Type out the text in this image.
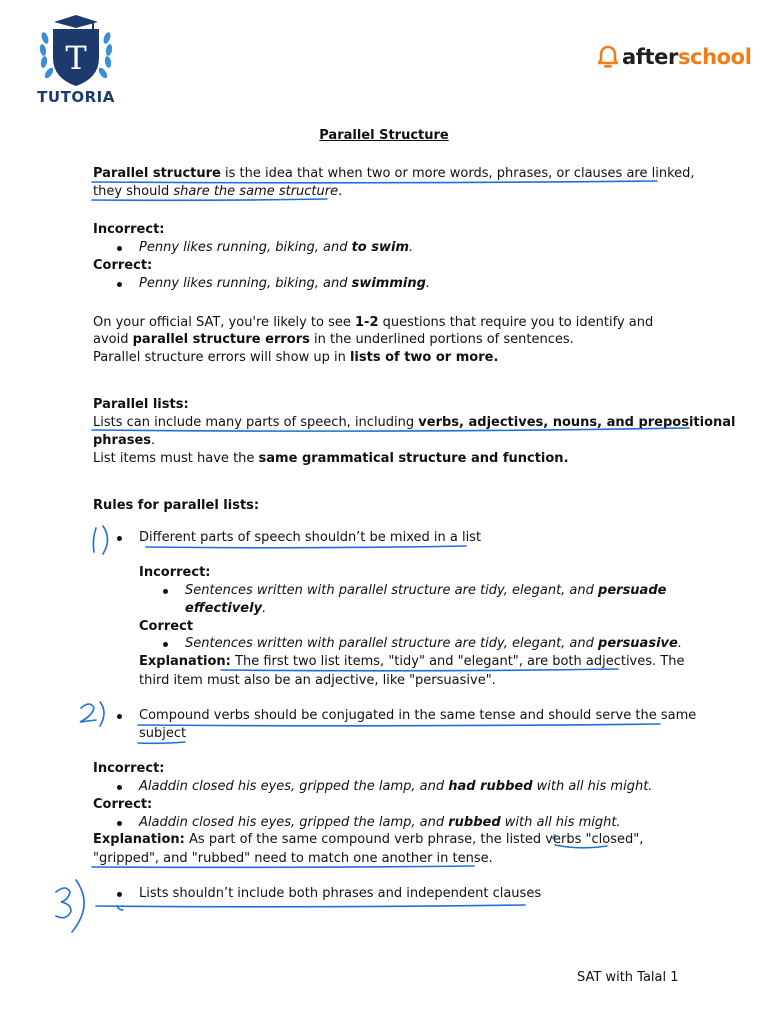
T
TUTORIA
afterschool
Parallel Structure
Parallel structure is the idea that when two or more words, phrases, or clauses are linked,
they should share the same structure.
Incorrect:
Penny likes running, biking, and to swim.
Correct:
Penny likes running, biking, and swimming.
On your official SAT, you're likely to see 1-2 questions that require you to identify and
avoid parallel structure errors in the underlined portions of sentences.
Parallel structure errors will show up in lists of two or more.
Parallel lists:
Lists can include many parts of speech, including verbs, adjectives, nouns, and prepositional
phrases.
List items must have the same grammatical structure and function.
Rules for parallel lists:
Different parts of speech shouldn’t be mixed in a list
Incorrect:
Sentences written with parallel structure are tidy, elegant, and persuade
effectively.
Correct
Sentences written with parallel structure are tidy, elegant, and persuasive.
Explanation: The first two list items, "tidy" and "elegant", are both adjectives. The
third item must also be an adjective, like "persuasive".
Compound verbs should be conjugated in the same tense and should serve the same
subject
Incorrect:
Aladdin closed his eyes, gripped the lamp, and had rubbed with all his might.
Correct:
Aladdin closed his eyes, gripped the lamp, and rubbed with all his might.
Explanation: As part of the same compound verb phrase, the listed verbs "closed",
"gripped", and "rubbed" need to match one another in tense.
Lists shouldn’t include both phrases and independent clauses
SAT with Talal 1
